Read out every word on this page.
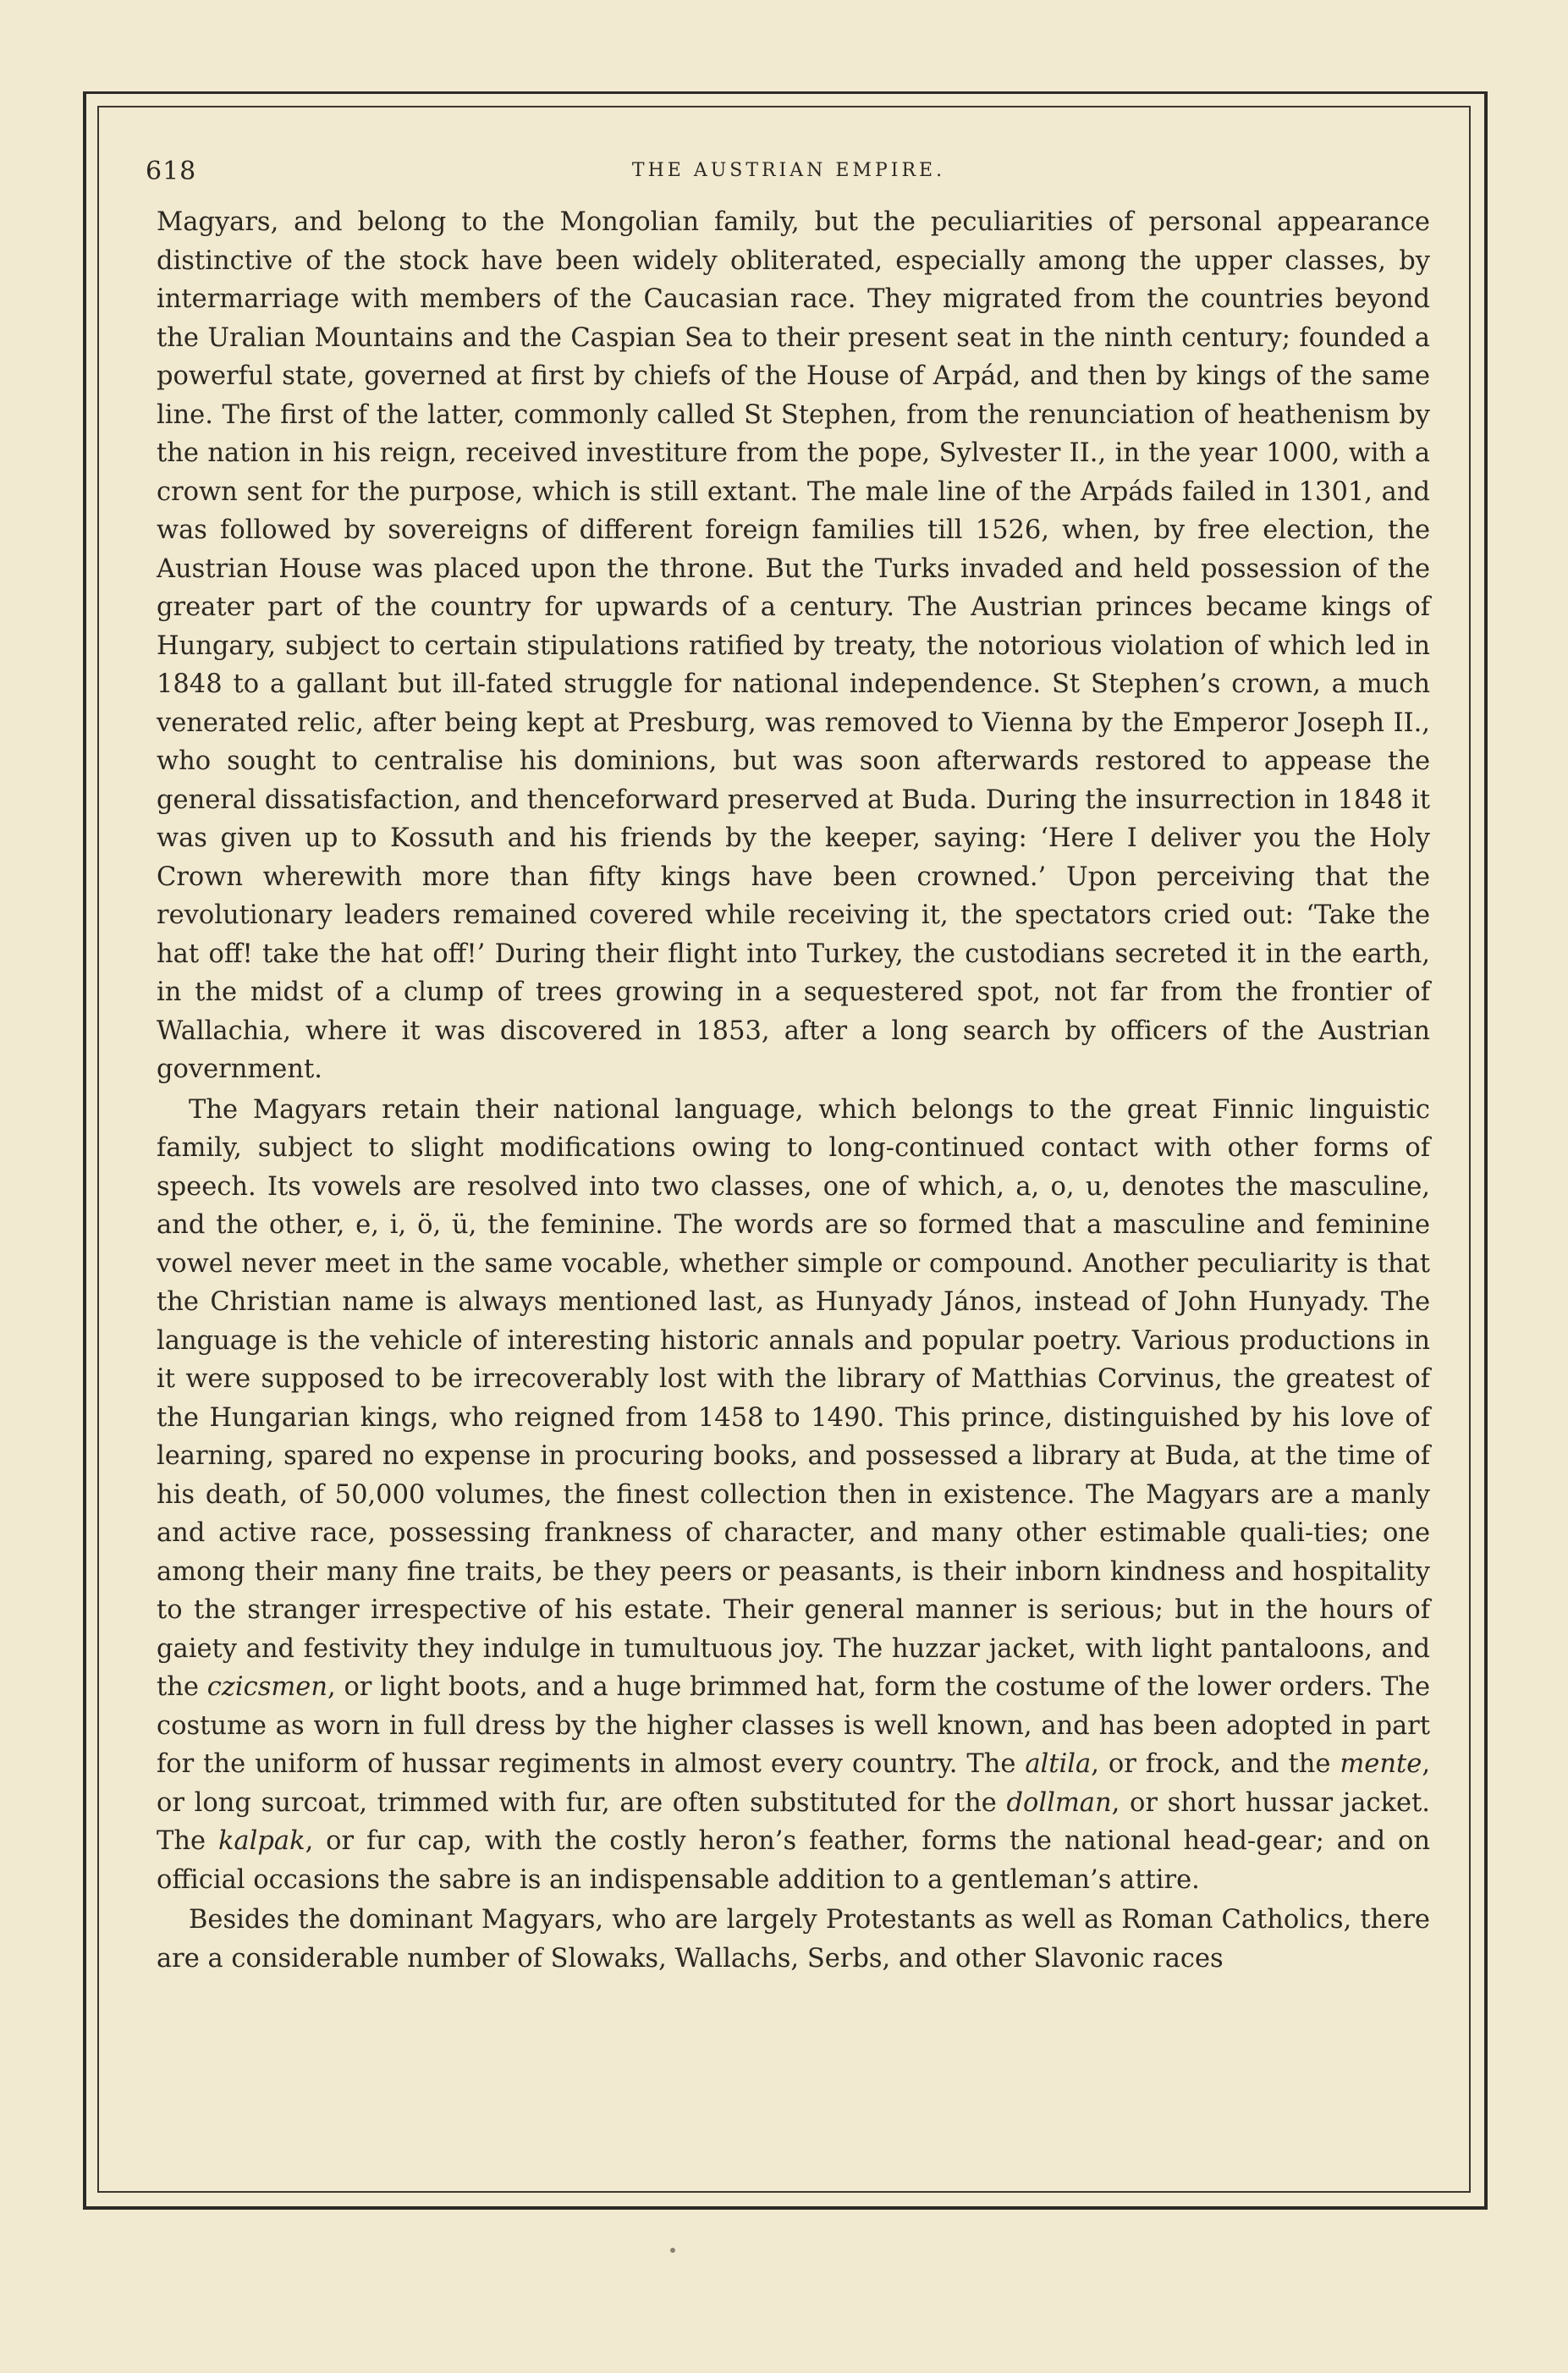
618	THE AUSTRIAN EMPIRE.

Magyars, and belong to the Mongolian family, but the peculiarities of personal appearance distinctive of the stock have been widely obliterated, especially among the upper classes, by intermarriage with members of the Caucasian race. They migrated from the countries beyond the Uralian Mountains and the Caspian Sea to their present seat in the ninth century; founded a powerful state, governed at first by chiefs of the House of Arpád, and then by kings of the same line. The first of the latter, commonly called St Stephen, from the renunciation of heathenism by the nation in his reign, received investiture from the pope, Sylvester II., in the year 1000, with a crown sent for the purpose, which is still extant. The male line of the Arpáds failed in 1301, and was followed by sovereigns of different foreign families till 1526, when, by free election, the Austrian House was placed upon the throne. But the Turks invaded and held possession of the greater part of the country for upwards of a century. The Austrian princes became kings of Hungary, subject to certain stipulations ratified by treaty, the notorious violation of which led in 1848 to a gallant but ill-fated struggle for national independence. St Stephen’s crown, a much venerated relic, after being kept at Presburg, was removed to Vienna by the Emperor Joseph II., who sought to centralise his dominions, but was soon afterwards restored to appease the general dissatisfaction, and thenceforward preserved at Buda. During the insurrection in 1848 it was given up to Kossuth and his friends by the keeper, saying: ‘Here I deliver you the Holy Crown wherewith more than fifty kings have been crowned.’ Upon perceiving that the revolutionary leaders remained covered while receiving it, the spectators cried out: ‘Take the hat off! take the hat off!’ During their flight into Turkey, the custodians secreted it in the earth, in the midst of a clump of trees growing in a sequestered spot, not far from the frontier of Wallachia, where it was discovered in 1853, after a long search by officers of the Austrian government.

The Magyars retain their national language, which belongs to the great Finnic linguistic family, subject to slight modifications owing to long-continued contact with other forms of speech. Its vowels are resolved into two classes, one of which, a, o, u, denotes the masculine, and the other, e, i, ö, ü, the feminine. The words are so formed that a masculine and feminine vowel never meet in the same vocable, whether simple or compound. Another peculiarity is that the Christian name is always mentioned last, as Hunyady János, instead of John Hunyady. The language is the vehicle of interesting historic annals and popular poetry. Various productions in it were supposed to be irrecoverably lost with the library of Matthias Corvinus, the greatest of the Hungarian kings, who reigned from 1458 to 1490. This prince, distinguished by his love of learning, spared no expense in procuring books, and possessed a library at Buda, at the time of his death, of 50,000 volumes, the finest collection then in existence. The Magyars are a manly and active race, possessing frankness of character, and many other estimable quali-ties; one among their many fine traits, be they peers or peasants, is their inborn kindness and hospitality to the stranger irrespective of his estate. Their general manner is serious; but in the hours of gaiety and festivity they indulge in tumultuous joy. The huzzar jacket, with light pantaloons, and the czicsmen, or light boots, and a huge brimmed hat, form the costume of the lower orders. The costume as worn in full dress by the higher classes is well known, and has been adopted in part for the uniform of hussar regiments in almost every country. The altila, or frock, and the mente, or long surcoat, trimmed with fur, are often substituted for the dollman, or short hussar jacket. The kalpak, or fur cap, with the costly heron’s feather, forms the national head-gear; and on official occasions the sabre is an indispensable addition to a gentleman’s attire.

Besides the dominant Magyars, who are largely Protestants as well as Roman Catholics, there are a considerable number of Slowaks, Wallachs, Serbs, and other Slavonic races
